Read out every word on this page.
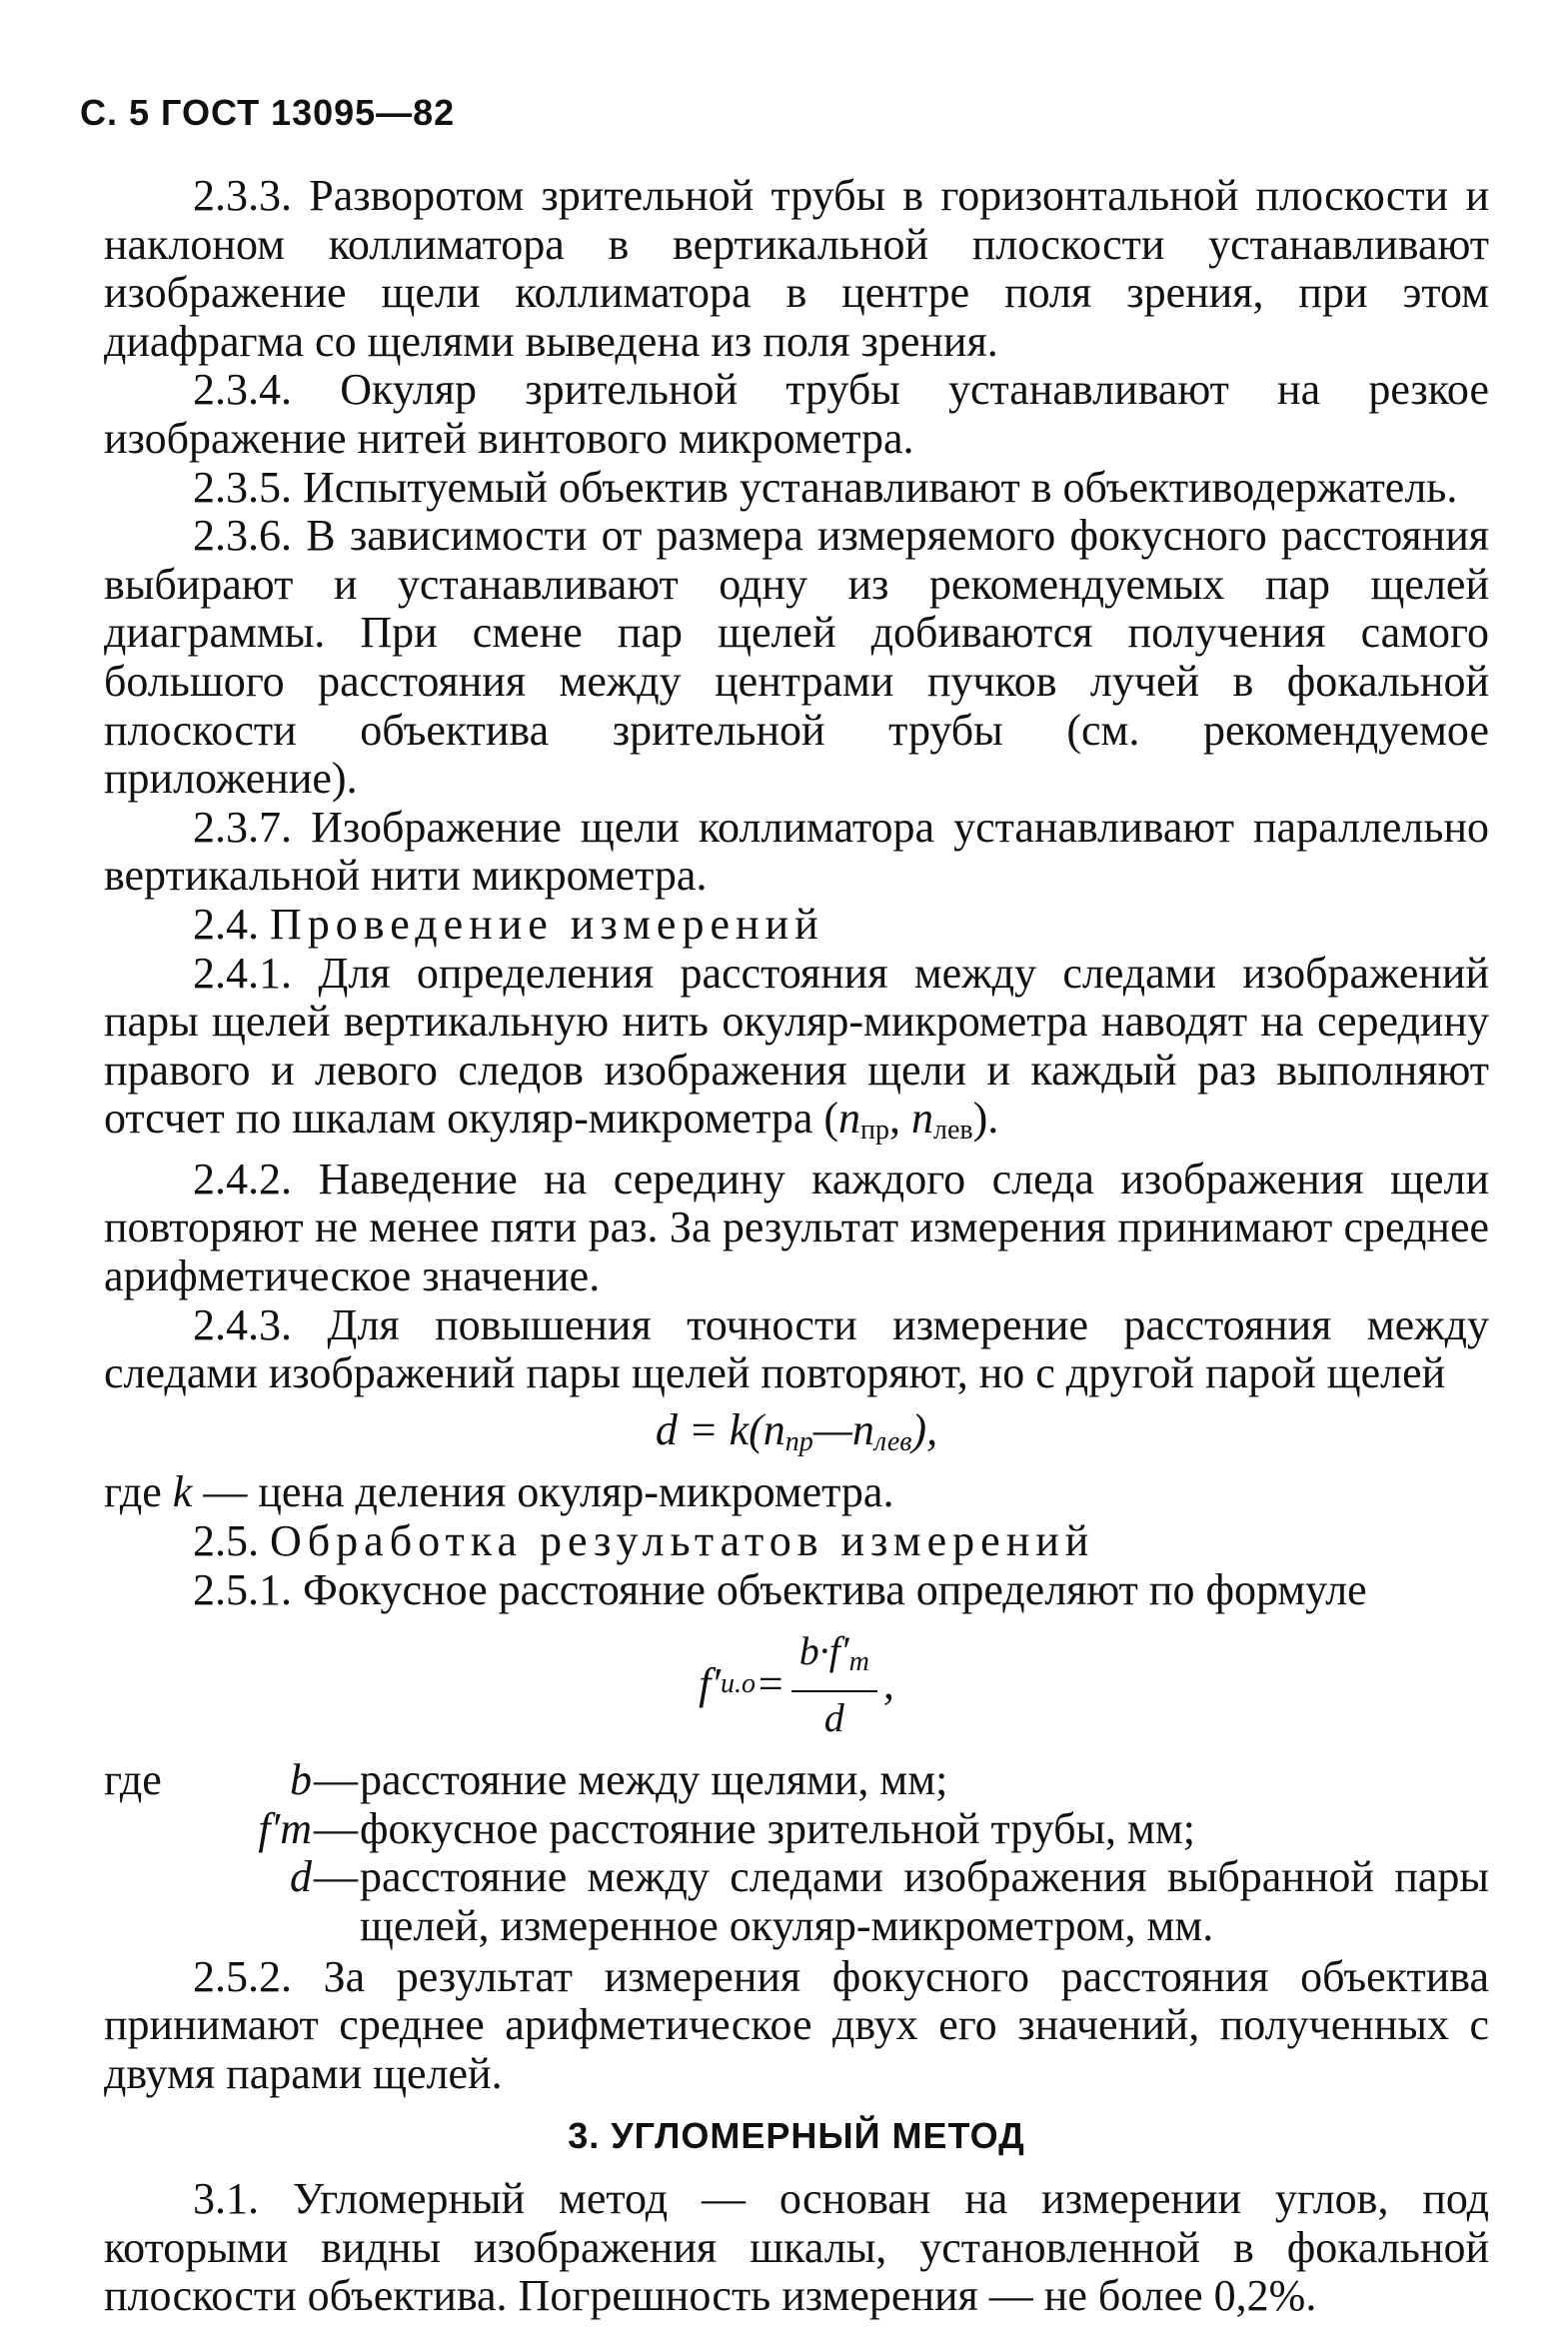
С. 5 ГОСТ 13095—82

2.3.3. Разворотом зрительной трубы в горизонтальной плоскости и наклоном коллиматора в вертикальной плоскости устанавливают изображение щели коллиматора в центре поля зрения, при этом диафрагма со щелями выведена из поля зрения.

2.3.4. Окуляр зрительной трубы устанавливают на резкое изображение нитей винтового микрометра.

2.3.5. Испытуемый объектив устанавливают в объективодержатель.

2.3.6. В зависимости от размера измеряемого фокусного расстояния выбирают и устанавливают одну из рекомендуемых пар щелей диаграммы. При смене пар щелей добиваются получения самого большого расстояния между центрами пучков лучей в фокальной плоскости объектива зрительной трубы (см. рекомендуемое приложение).

2.3.7. Изображение щели коллиматора устанавливают параллельно вертикальной нити микрометра.

2.4. Проведение измерений

2.4.1. Для определения расстояния между следами изображений пары щелей вертикальную нить окуляр-микрометра наводят на середину правого и левого следов изображения щели и каждый раз выполняют отсчет по шкалам окуляр-микрометра ($n_{пр}$, $n_{лев}$).

2.4.2. Наведение на середину каждого следа изображения щели повторяют не менее пяти раз. За результат измерения принимают среднее арифметическое значение.

2.4.3. Для повышения точности измерение расстояния между следами изображений пары щелей повторяют, но с другой парой щелей

$d = k(n_{пр}—n_{лев})$,

где k — цена деления окуляр-микрометра.

2.5. Обработка результатов измерений

2.5.1. Фокусное расстояние объектива определяют по формуле

f′ $и.о = \frac{b\cdot f'_т}{d}$ ,
где	b — расстояние между щелями, мм;
f′т — фокусное расстояние зрительной трубы, мм;
d — расстояние между следами изображения выбранной пары щелей, измеренное окуляр-микрометром, мм.

2.5.2. За результат измерения фокусного расстояния объектива принимают среднее арифметическое двух его значений, полученных с двумя парами щелей.

3. УГЛОМЕРНЫЙ МЕТОД

3.1. Угломерный метод — основан на измерении углов, под которыми видны изображения шкалы, установленной в фокальной плоскости объектива. Погрешность измерения — не более 0,2%.
